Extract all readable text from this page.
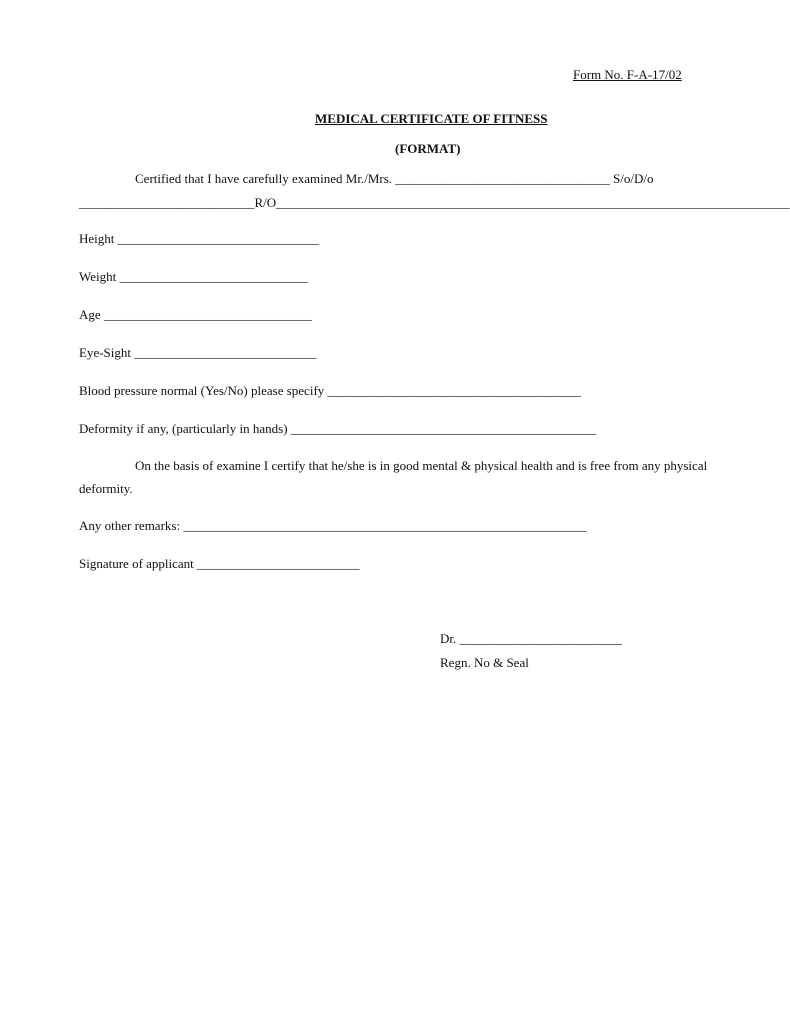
Form No. F-A-17/02
MEDICAL CERTIFICATE OF FITNESS
(FORMAT)
Certified that I have carefully examined Mr./Mrs. _________________________________ S/o/D/o
___________________________R/O_______________________________________________________________________________
Height _______________________________
Weight _____________________________
Age ________________________________
Eye-Sight ____________________________
Blood pressure normal (Yes/No) please specify _______________________________________
Deformity if any, (particularly in hands) _______________________________________________
On the basis of examine I certify that he/she is in good mental & physical health and is free from any physical
deformity.
Any other remarks: ______________________________________________________________
Signature of applicant _________________________
Dr. _________________________
Regn. No & Seal
